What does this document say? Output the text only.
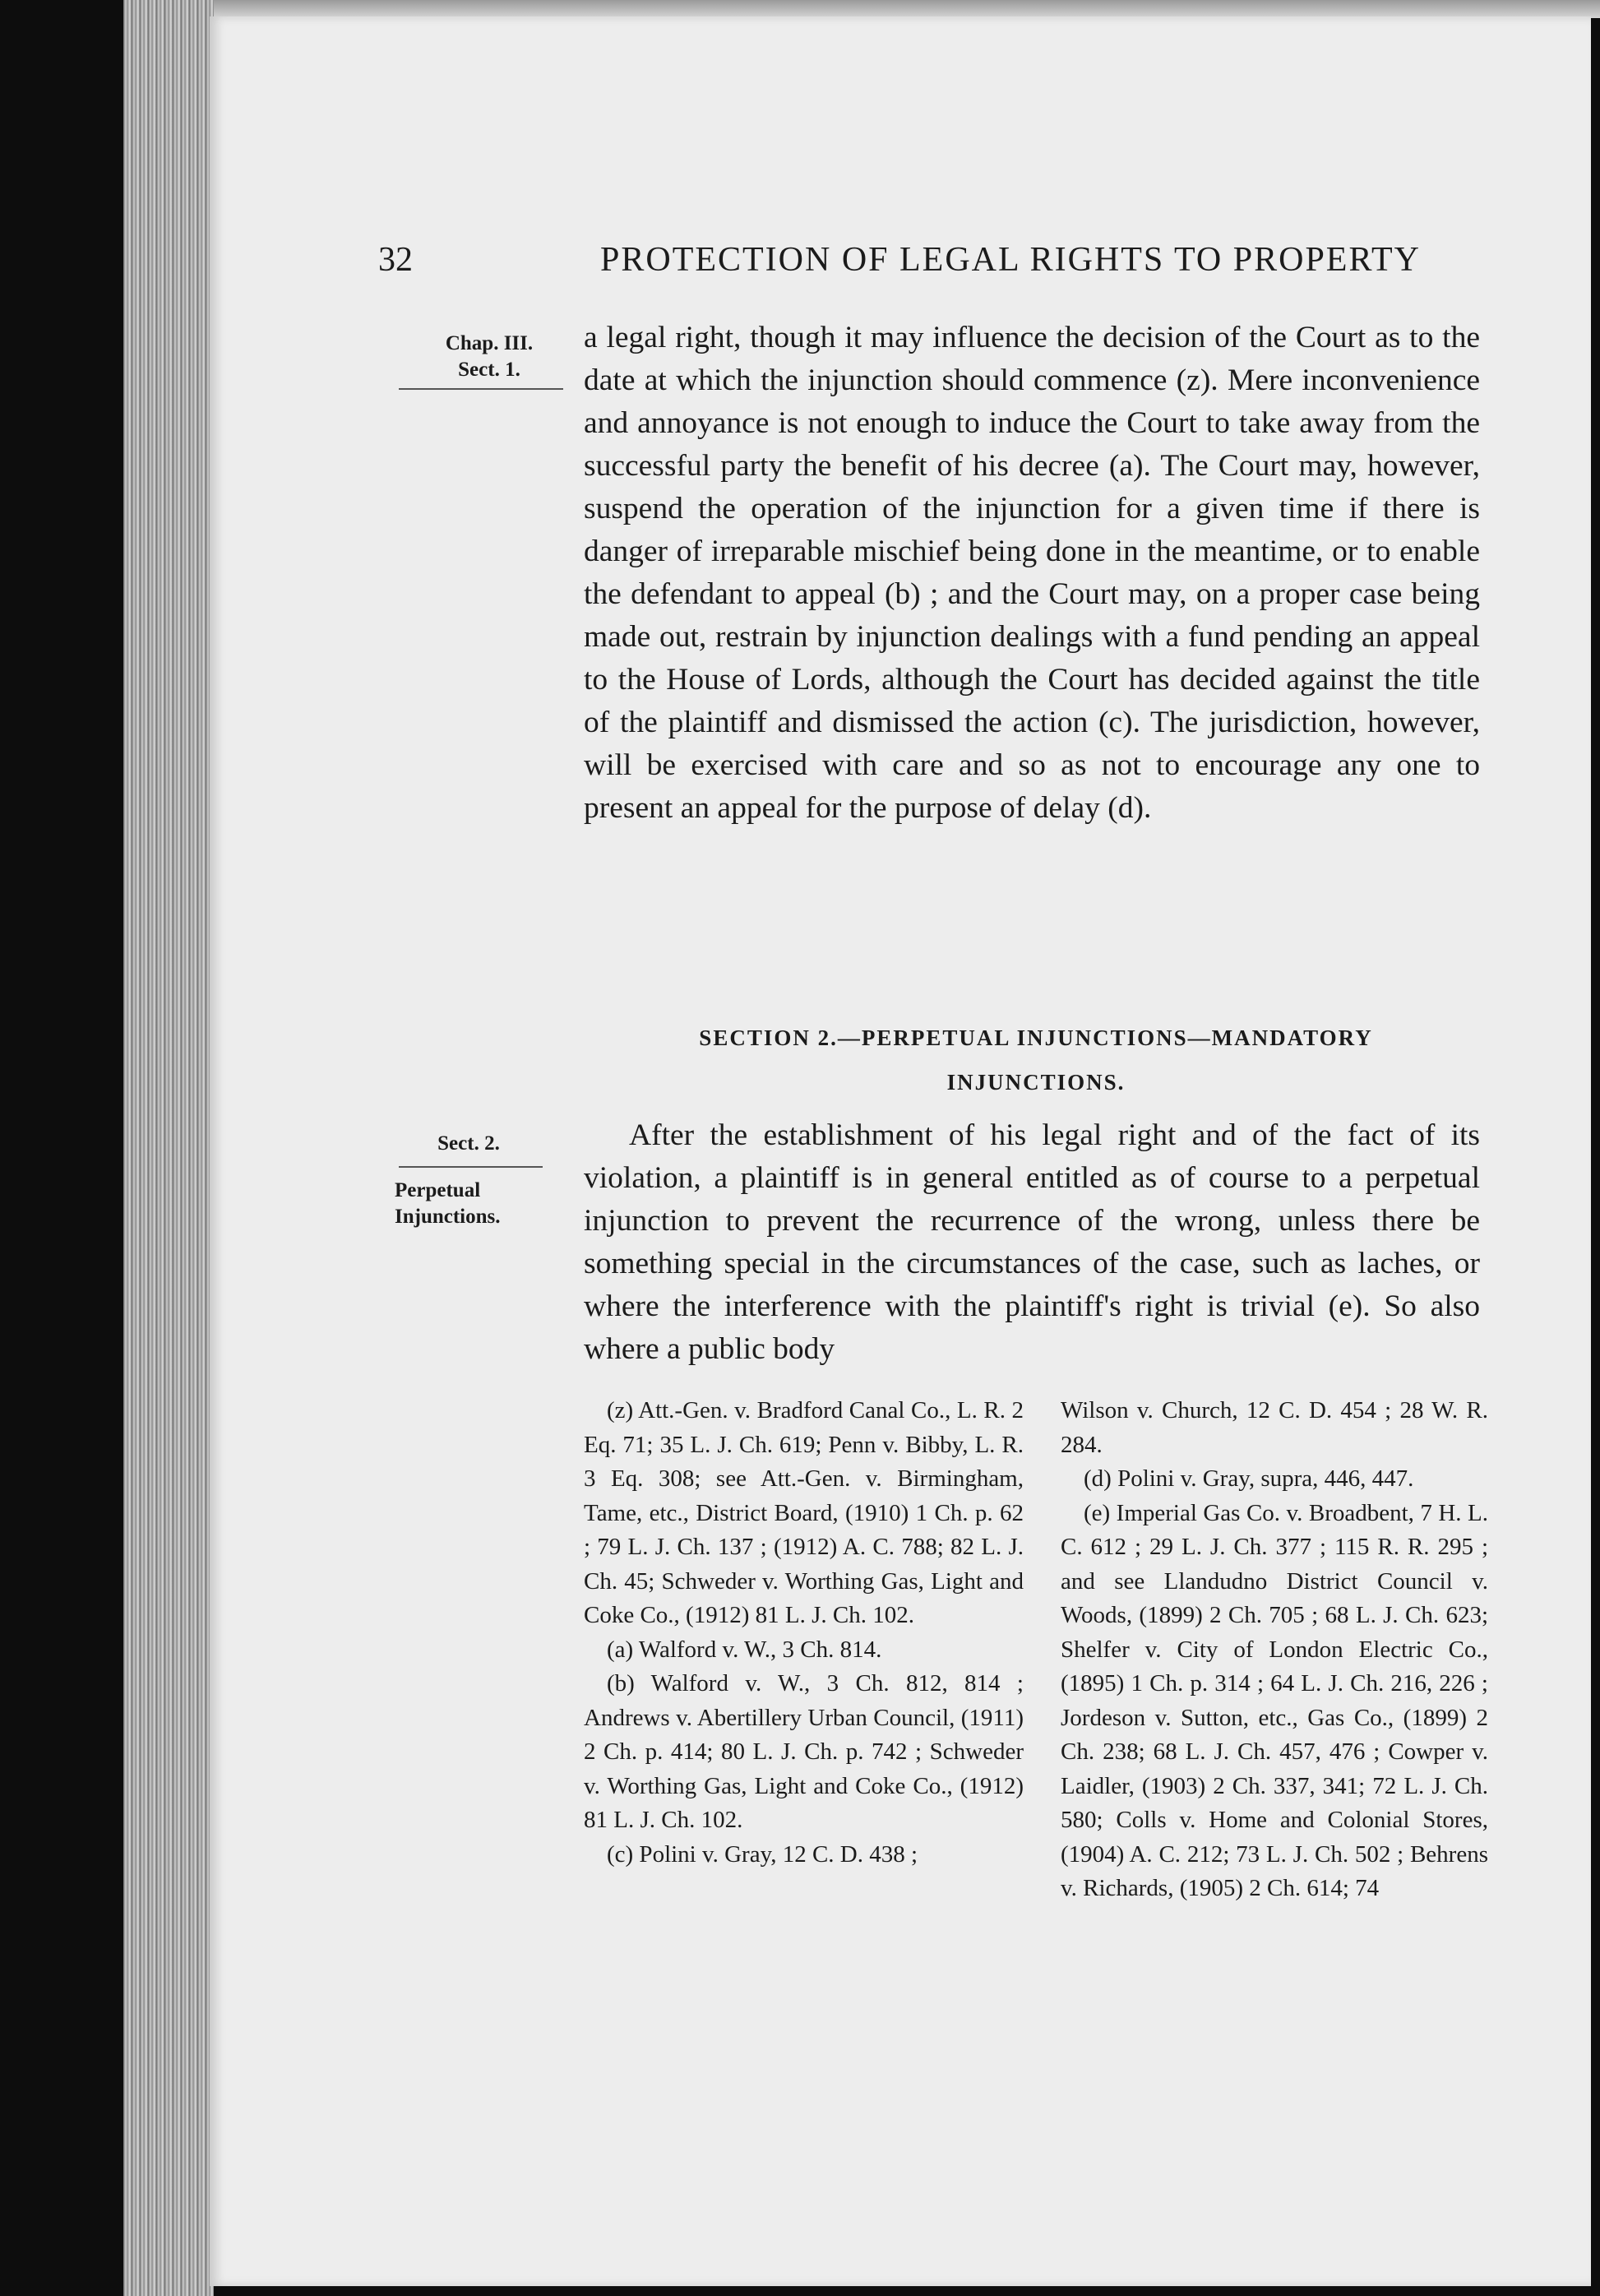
32	PROTECTION OF LEGAL RIGHTS TO PROPERTY
Chap. III. Sect. 1.
a legal right, though it may influence the decision of the Court as to the date at which the injunction should commence (z). Mere inconvenience and annoyance is not enough to induce the Court to take away from the successful party the benefit of his decree (a). The Court may, however, suspend the operation of the injunction for a given time if there is danger of irreparable mischief being done in the meantime, or to enable the defendant to appeal (b) ; and the Court may, on a proper case being made out, restrain by injunction dealings with a fund pending an appeal to the House of Lords, although the Court has decided against the title of the plaintiff and dismissed the action (c). The jurisdiction, however, will be exercised with care and so as not to encourage any one to present an appeal for the purpose of delay (d).
SECTION 2.—PERPETUAL INJUNCTIONS—MANDATORY INJUNCTIONS.
Sect. 2.
Perpetual Injunctions.
After the establishment of his legal right and of the fact of its violation, a plaintiff is in general entitled as of course to a perpetual injunction to prevent the recurrence of the wrong, unless there be something special in the circumstances of the case, such as laches, or where the interference with the plaintiff's right is trivial (e). So also where a public body

(z) Att.-Gen. v. Bradford Canal Co., L. R. 2 Eq. 71; 35 L. J. Ch. 619; Penn v. Bibby, L. R. 3 Eq. 308; see Att.-Gen. v. Birmingham, Tame, etc., District Board, (1910) 1 Ch. p. 62 ; 79 L. J. Ch. 137 ; (1912) A. C. 788; 82 L. J. Ch. 45; Schweder v. Worthing Gas, Light and Coke Co., (1912) 81 L. J. Ch. 102.

(a) Walford v. W., 3 Ch. 814.

(b) Walford v. W., 3 Ch. 812, 814 ; Andrews v. Abertillery Urban Council, (1911) 2 Ch. p. 414; 80 L. J. Ch. p. 742 ; Schweder v. Worthing Gas, Light and Coke Co., (1912) 81 L. J. Ch. 102.

(c) Polini v. Gray, 12 C. D. 438 ;

Wilson v. Church, 12 C. D. 454 ; 28 W. R. 284.

(d) Polini v. Gray, supra, 446, 447.

(e) Imperial Gas Co. v. Broadbent, 7 H. L. C. 612 ; 29 L. J. Ch. 377 ; 115 R. R. 295 ; and see Llandudno District Council v. Woods, (1899) 2 Ch. 705 ; 68 L. J. Ch. 623; Shelfer v. City of London Electric Co., (1895) 1 Ch. p. 314 ; 64 L. J. Ch. 216, 226 ; Jordeson v. Sutton, etc., Gas Co., (1899) 2 Ch. 238; 68 L. J. Ch. 457, 476 ; Cowper v. Laidler, (1903) 2 Ch. 337, 341; 72 L. J. Ch. 580; Colls v. Home and Colonial Stores, (1904) A. C. 212; 73 L. J. Ch. 502 ; Behrens v. Richards, (1905) 2 Ch. 614; 74
